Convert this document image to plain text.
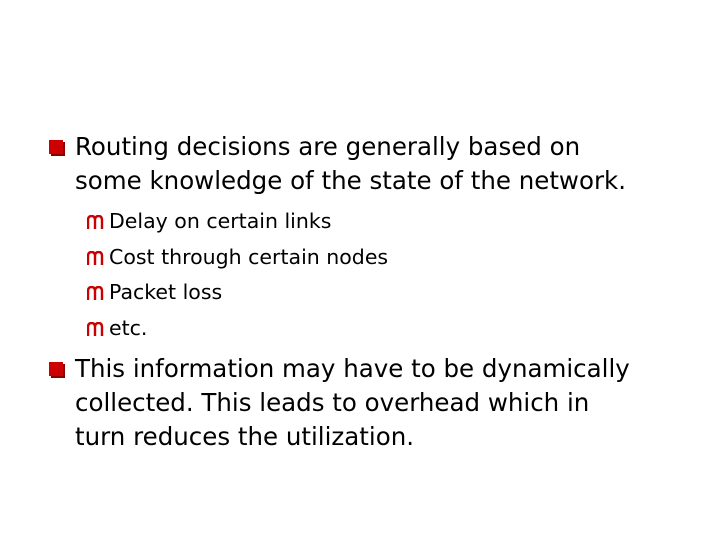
Routing decisions are generally based on some knowledge of the state of the network.
Delay on certain links
Cost through certain nodes
Packet loss
etc.
This information may have to be dynamically collected. This leads to overhead which in turn reduces the utilization.
